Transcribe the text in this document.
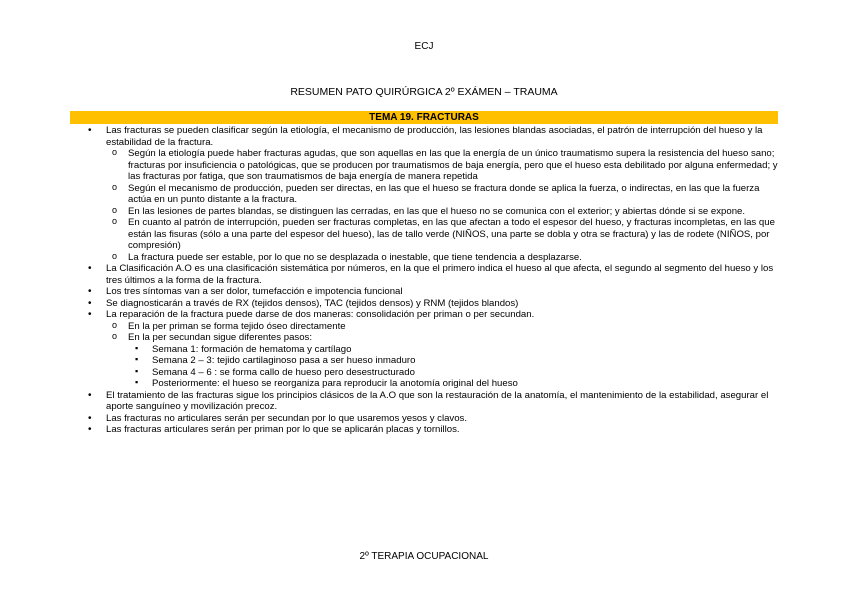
ECJ
RESUMEN PATO QUIRÚRGICA 2º EXÁMEN – TRAUMA
TEMA 19. FRACTURAS
• Las fracturas se pueden clasificar según la etiología, el mecanismo de producción, las lesiones blandas asociadas, el patrón de interrupción del hueso y la estabilidad de la fractura.
o Según la etiología puede haber fracturas agudas, que son aquellas en las que la energía de un único traumatismo supera la resistencia del hueso sano; fracturas por insuficiencia o patológicas, que se producen por traumatismos de baja energía, pero que el hueso esta debilitado por alguna enfermedad; y las fracturas por fatiga, que son traumatismos de baja energía de manera repetida
o Según el mecanismo de producción, pueden ser directas, en las que el hueso se fractura donde se aplica la fuerza, o indirectas, en las que la fuerza actúa en un punto distante a la fractura.
o En las lesiones de partes blandas, se distinguen las cerradas, en las que el hueso no se comunica con el exterior; y abiertas dónde si se expone.
o En cuanto al patrón de interrupción, pueden ser fracturas completas, en las que afectan a todo el espesor del hueso, y fracturas incompletas, en las que están las fisuras (sólo a una parte del espesor del hueso), las de tallo verde (NIÑOS, una parte se dobla y otra se fractura) y las de rodete (NIÑOS, por compresión)
o La fractura puede ser estable, por lo que no se desplazada o inestable, que tiene tendencia a desplazarse.
• La Clasificación A.O es una clasificación sistemática por números, en la que el primero indica el hueso al que afecta, el segundo al segmento del hueso y los tres últimos a la forma de la fractura.
• Los tres síntomas van a ser dolor, tumefacción e impotencia funcional
• Se diagnosticarán a través de RX (tejidos densos), TAC (tejidos densos) y RNM (tejidos blandos)
• La reparación de la fractura puede darse de dos maneras: consolidación per priman o per secundan.
o En la per priman se forma tejido óseo directamente
o En la per secundan sigue diferentes pasos:
▪ Semana 1: formación de hematoma y cartílago
▪ Semana 2 – 3: tejido cartilaginoso pasa a ser hueso inmaduro
▪ Semana 4 – 6 : se forma callo de hueso pero desestructurado
▪ Posteriormente: el hueso se reorganiza para reproducir la anotomía original del hueso
• El tratamiento de las fracturas sigue los principios clásicos de la A.O que son la restauración de la anatomía, el mantenimiento de la estabilidad, asegurar el aporte sanguíneo y movilización precoz.
• Las fracturas no articulares serán per secundan por lo que usaremos yesos y clavos.
• Las fracturas articulares serán per priman por lo que se aplicarán placas y tornillos.
2º TERAPIA OCUPACIONAL
